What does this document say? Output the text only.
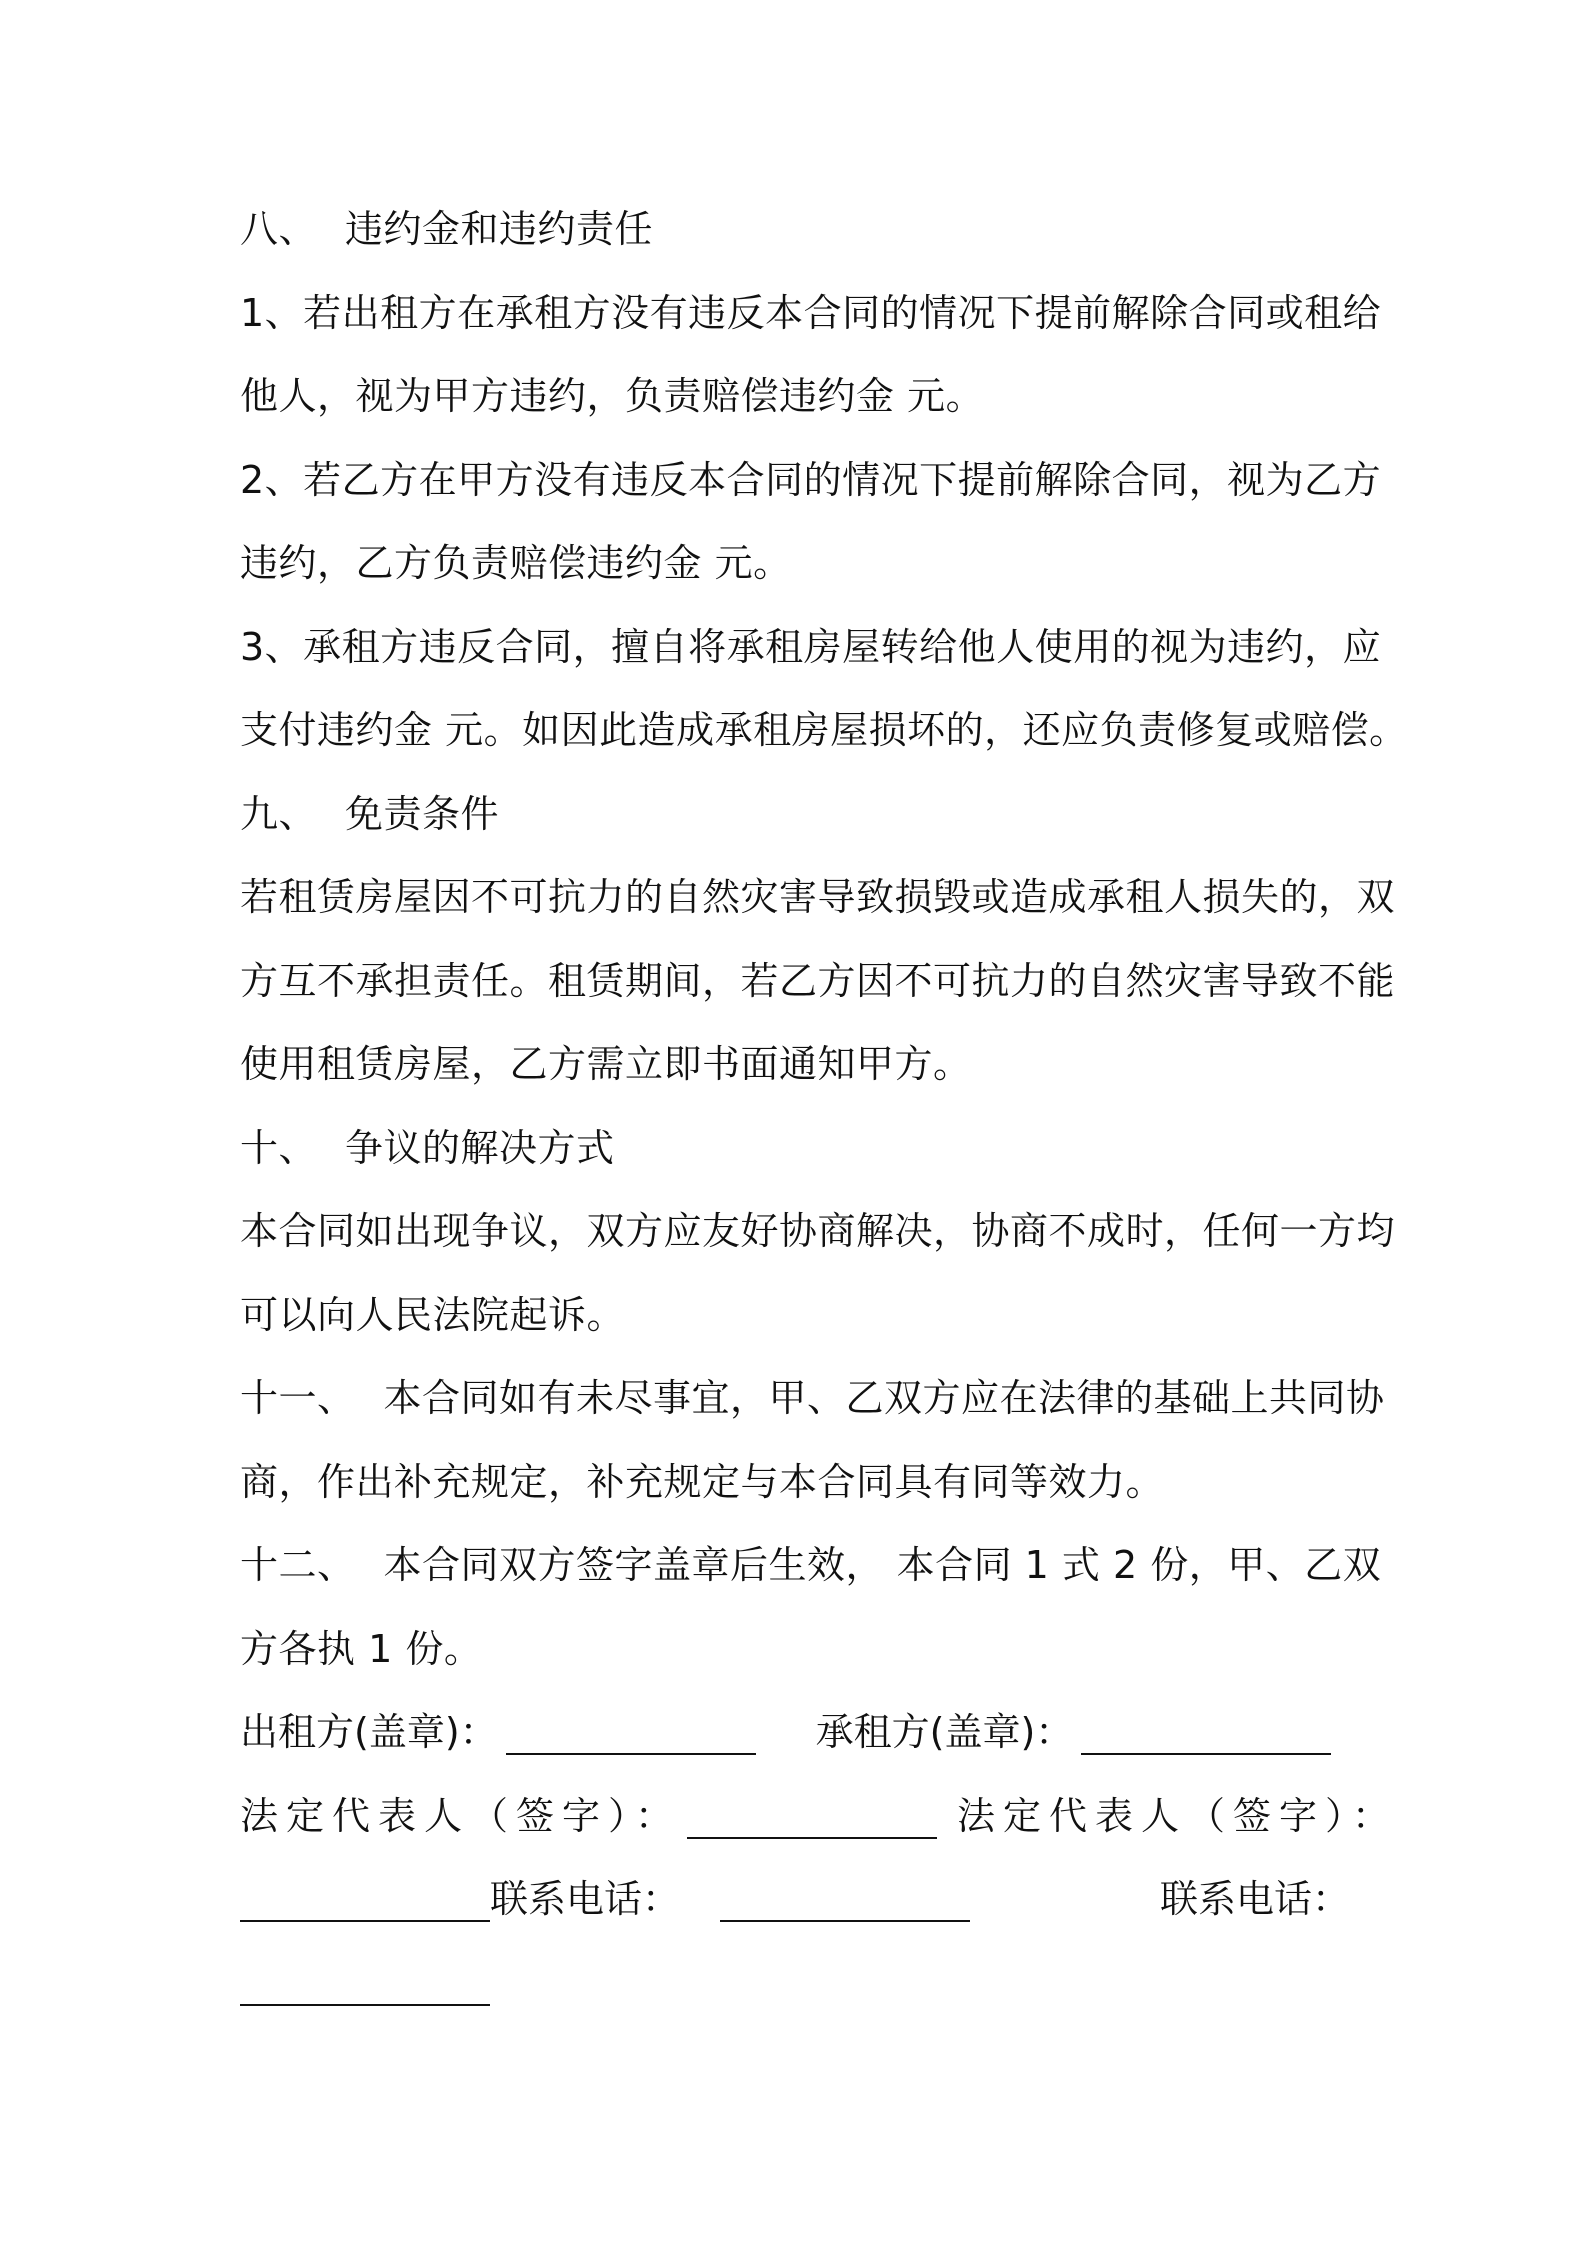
八、 违约金和违约责任
1、若出租方在承租方没有违反本合同的情况下提前解除合同或租给
他人，视为甲方违约，负责赔偿违约金 元。
2、若乙方在甲方没有违反本合同的情况下提前解除合同，视为乙方
违约，乙方负责赔偿违约金 元。
3、承租方违反合同，擅自将承租房屋转给他人使用的视为违约，应
支付违约金 元。如因此造成承租房屋损坏的，还应负责修复或赔偿。
九、 免责条件
若租赁房屋因不可抗力的自然灾害导致损毁或造成承租人损失的，双
方互不承担责任。租赁期间，若乙方因不可抗力的自然灾害导致不能
使用租赁房屋，乙方需立即书面通知甲方。
十、 争议的解决方式
本合同如出现争议，双方应友好协商解决，协商不成时，任何一方均
可以向人民法院起诉。
十一、 本合同如有未尽事宜，甲、乙双方应在法律的基础上共同协
商，作出补充规定，补充规定与本合同具有同等效力。
十二、 本合同双方签字盖章后生效， 本合同 1 式 2 份，甲、乙双
方各执 1 份。
出租方(盖章)：	承租方(盖章)：
法定代表人（签字）：	法定代表人（签字）：
联系电话：	联系电话：
